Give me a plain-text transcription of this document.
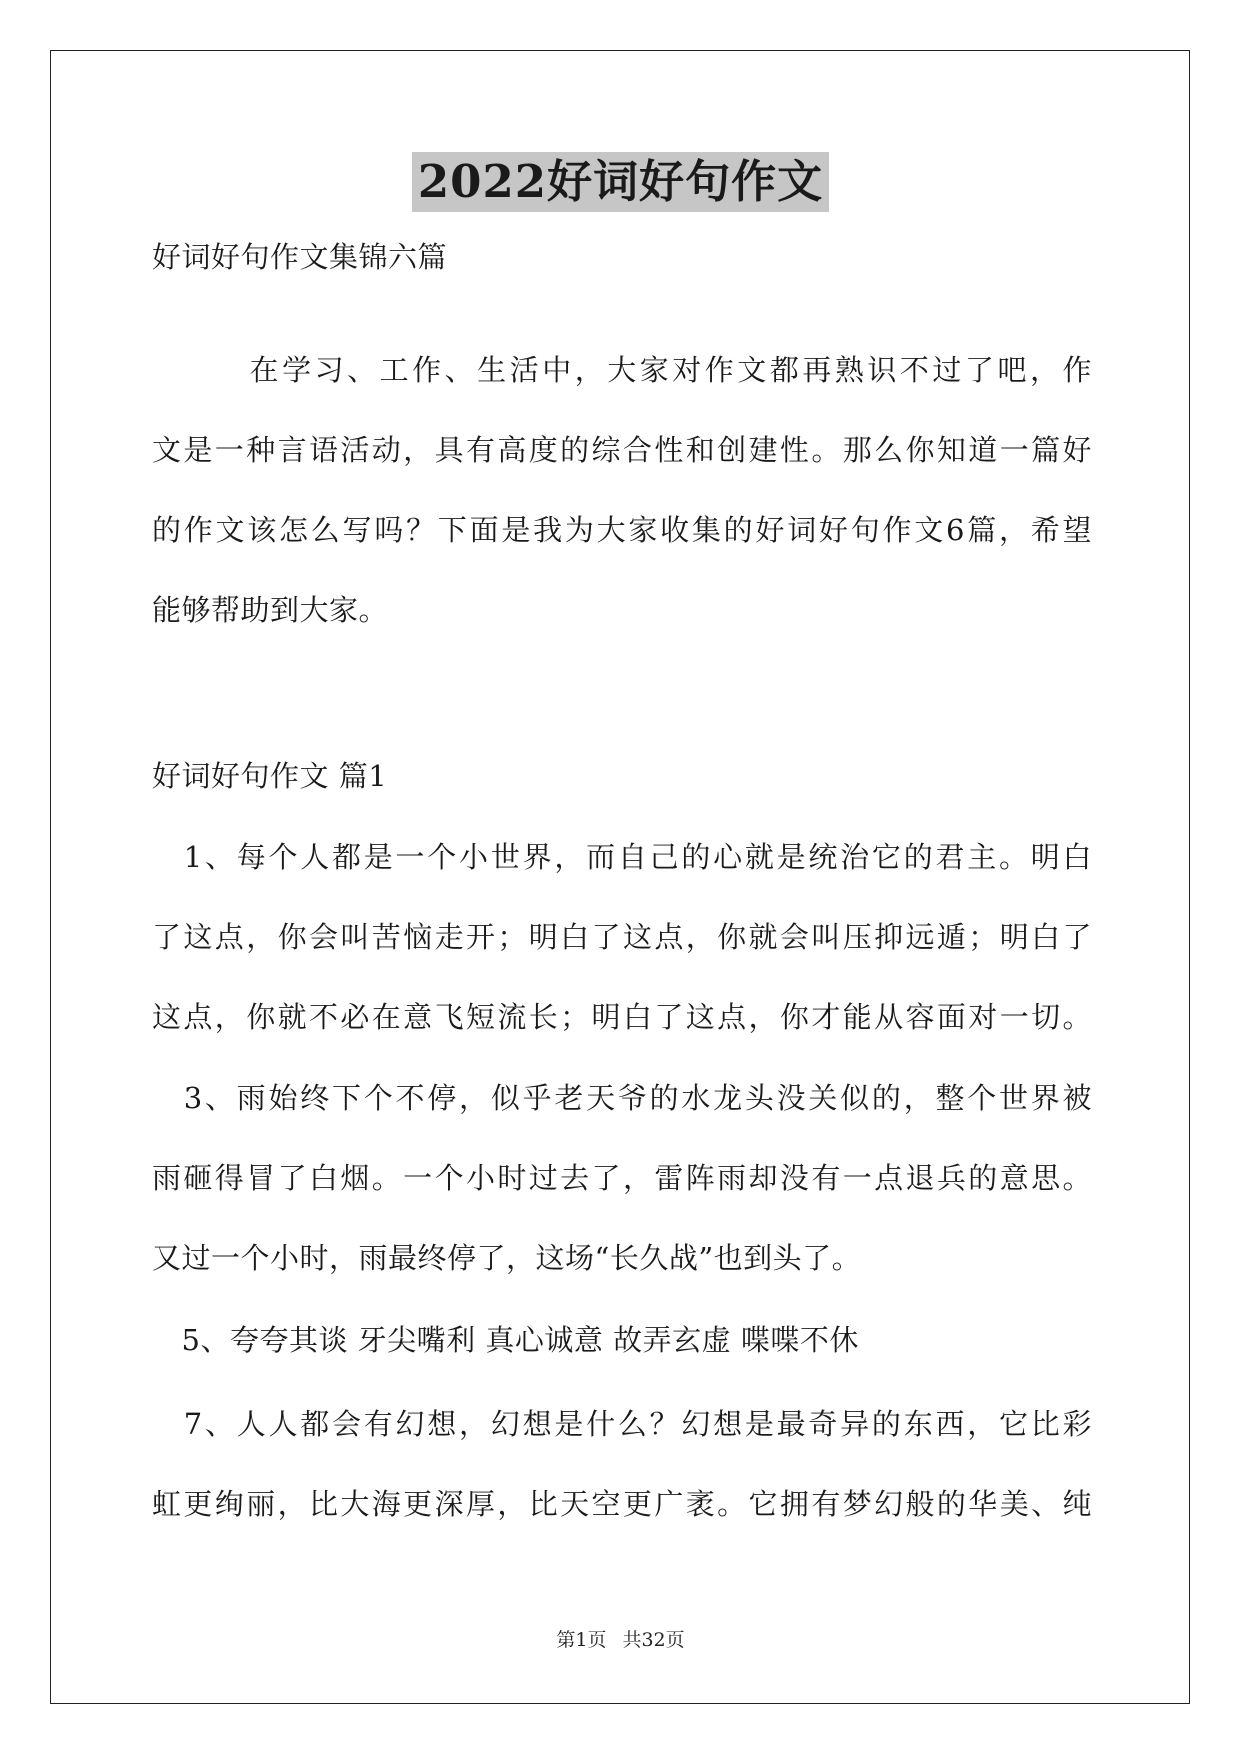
2022好词好句作文
好词好句作文集锦六篇
　　　在学习、工作、生活中，大家对作文都再熟识不过了吧，作
文是一种言语活动，具有高度的综合性和创建性。那么你知道一篇好
的作文该怎么写吗？下面是我为大家收集的好词好句作文6篇，希望
能够帮助到大家。
好词好句作文 篇1
　1、每个人都是一个小世界，而自己的心就是统治它的君主。明白
了这点，你会叫苦恼走开；明白了这点，你就会叫压抑远遁；明白了
这点，你就不必在意飞短流长；明白了这点，你才能从容面对一切。
　3、雨始终下个不停，似乎老天爷的水龙头没关似的，整个世界被
雨砸得冒了白烟。一个小时过去了，雷阵雨却没有一点退兵的意思。
又过一个小时，雨最终停了，这场“长久战”也到头了。
　5、夸夸其谈 牙尖嘴利 真心诚意 故弄玄虚 喋喋不休
　7、人人都会有幻想，幻想是什么？幻想是最奇异的东西，它比彩
虹更绚丽，比大海更深厚，比天空更广袤。它拥有梦幻般的华美、纯
第1页 共32页
